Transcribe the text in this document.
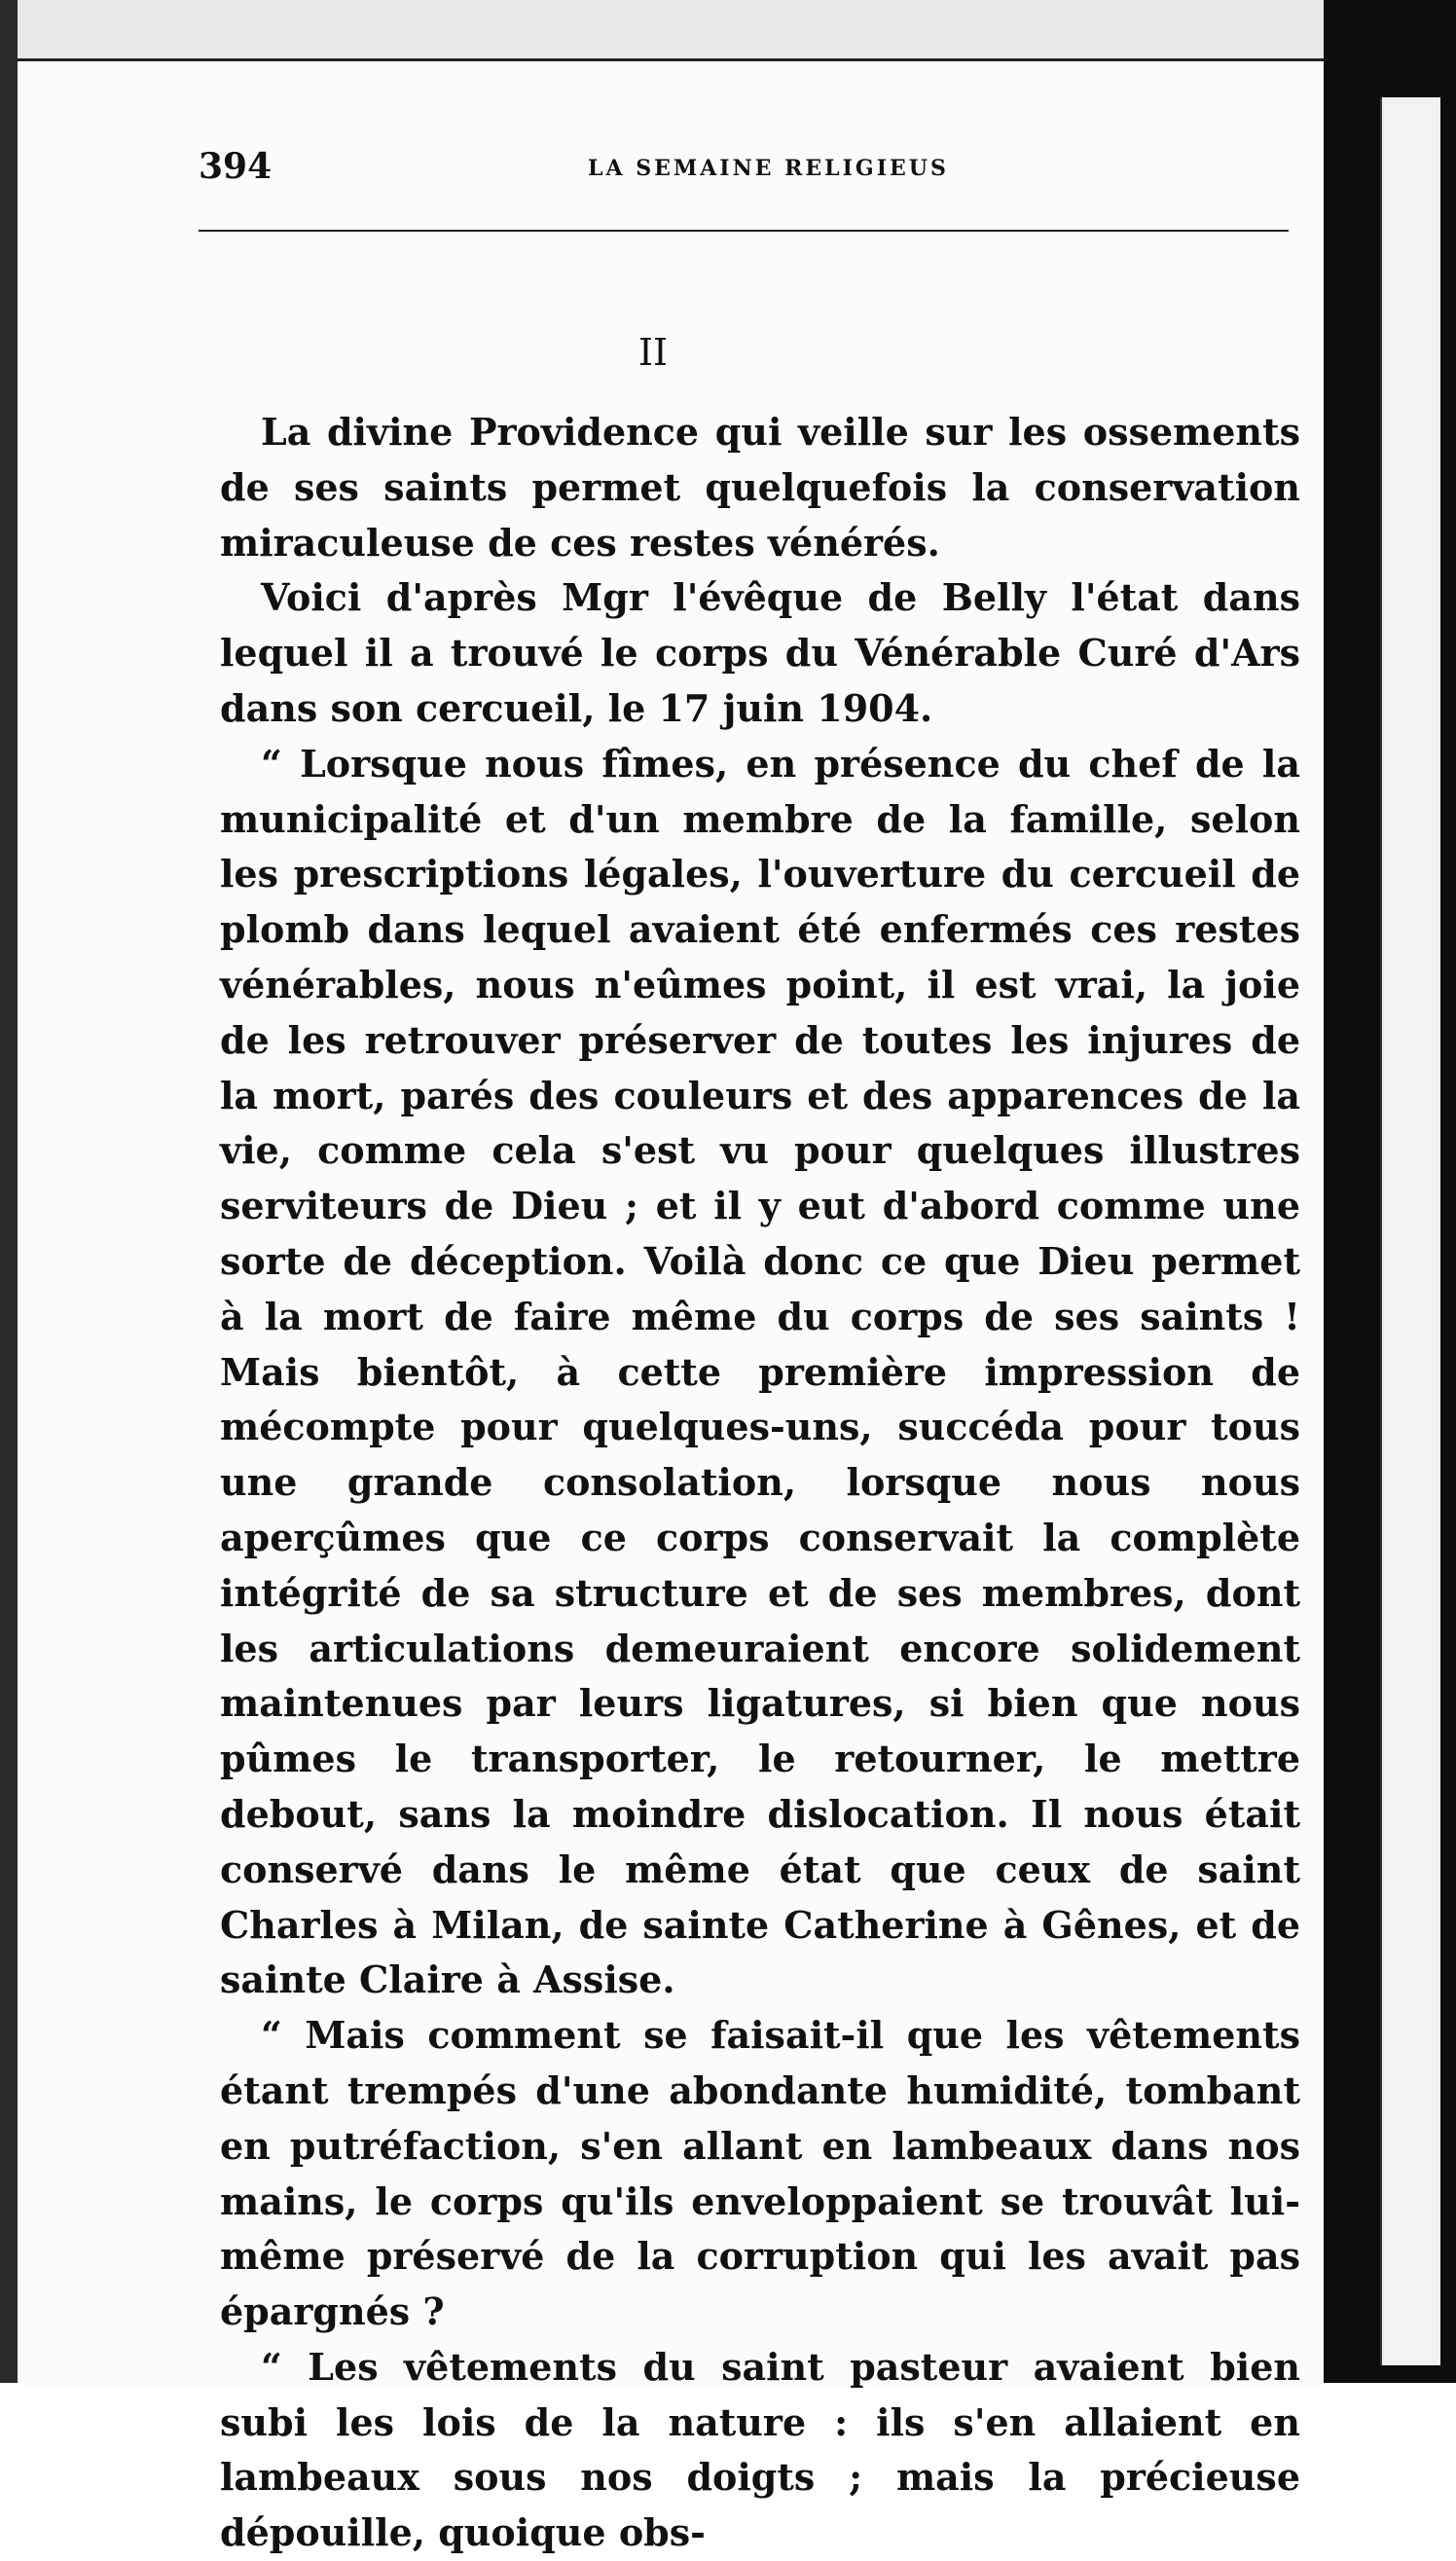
394	LA SEMAINE RELIGIEUS
II

La divine Providence qui veille sur les ossements de ses saints permet quelquefois la conservation miraculeuse de ces restes vénérés.

Voici d'après Mgr l'évêque de Belly l'état dans lequel il a trouvé le corps du Vénérable Curé d'Ars dans son cercueil, le 17 juin 1904.

“ Lorsque nous fîmes, en présence du chef de la municipalité et d'un membre de la famille, selon les prescriptions légales, l'ouverture du cercueil de plomb dans lequel avaient été enfermés ces restes vénérables, nous n'eûmes point, il est vrai, la joie de les retrouver préserver de toutes les injures de la mort, parés des couleurs et des apparences de la vie, comme cela s'est vu pour quelques illustres serviteurs de Dieu ; et il y eut d'abord comme une sorte de déception. Voilà donc ce que Dieu permet à la mort de faire même du corps de ses saints ! Mais bientôt, à cette première impression de mécompte pour quelques-uns, succéda pour tous une grande consolation, lorsque nous nous aperçûmes que ce corps conservait la complète intégrité de sa structure et de ses membres, dont les articulations demeuraient encore solidement maintenues par leurs ligatures, si bien que nous pûmes le transporter, le retourner, le mettre debout, sans la moindre dislocation. Il nous était conservé dans le même état que ceux de saint Charles à Milan, de sainte Catherine à Gênes, et de sainte Claire à Assise.

“ Mais comment se faisait-il que les vêtements étant trempés d'une abondante humidité, tombant en putréfaction, s'en allant en lambeaux dans nos mains, le corps qu'ils enveloppaient se trouvât lui-même préservé de la corruption qui les avait pas épargnés ?

“ Les vêtements du saint pasteur avaient bien subi les lois de la nature : ils s'en allaient en lambeaux sous nos doigts ; mais la précieuse dépouille, quoique obs-
